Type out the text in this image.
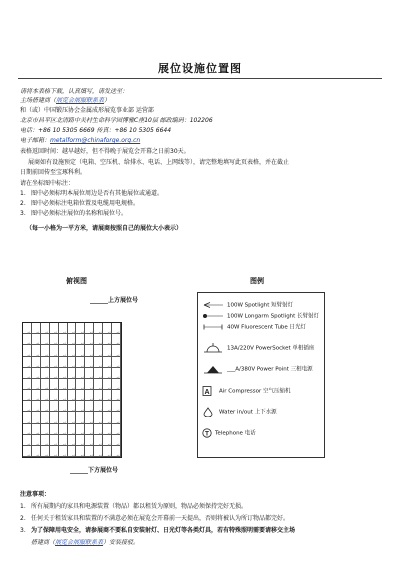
展位设施位置图
请将本表格下载，认真填写，请发送至：
主场搭建商（展览会展服联系表）
和（或）中国锻压协会金属成形展览事业部 运营部
北京市昌平区北清路中关村生命科学园博雅C座10层 邮政编码：102206
电话：+86 10 5305 6669 传真：+86 10 5305 6644
电子邮箱：metalform@chinaforge.org.cn
表格返回时间：越早越好，但不得晚于展览会开幕之日前30天。
展商如有设施预定（电箱、空压机、给排水、电话、上网线等），请完整地填写此页表格，并在截止
日期前回传至宝琢科利。
请在坐标图中标注：
1. 图中必须标明本展位周边是否有其他展位或通道。
2. 图中必须标注电箱位置及电缆用电规格。
3. 图中必须标注展位的名称和展位号。
（每一小格为一平方米，请展商按照自己的展位大小表示）
俯视图	图例
______上方展位号
↵
↵
↵
↵
↵
↵
↵
↵
↵
↵
↵
↵
↵
↵
↵
↵
↵
↵
↵
↵
↵
↵
↵
↵
↵
↵
↵
↵
↵
↵
↵
↵
↵
↵
↵
↵
↵
↵
↵
↵
↵
↵
↵
↵
↵
↵
↵
↵
↵
↵
↵
↵
↵
↵
↵
↵
↵
↵
↵
↵
↵
↵
↵
↵
↵
↵
↵
↵
↵
↵
↵
↵
↵
↵
↵
↵
↵
↵
↵
↵
↵
↵
↵
↵
↵
↵
↵
↵
↵
↵
↵
↵
↵
↵
↵
↵
↵
↵
↵
↵
↵
↵
↵
↵
↵
↵
↵
↵
↵
↵
↵
↵
↵
↵
↵
↵
↵
↵
↵
↵
↵
↵
↵
↵
↵
↵
↵
↵
↵
↵
↵
↵
______下方展位号
100W Spotlight 短臂射灯
100W Longarm Spotlight 长臂射灯
40W Fluorescent Tube 日光灯
13A/220V PowerSocket 单相插座
___A/380V Power Point 三相电源
A Air Compressor 空气压缩机
Water in/out 上下水源
T Telephone 电话
注意事项：
1. 所有展期内的家具和电源装置（物品）都以租赁为原则，物品必须保持完好无损。
2. 任何关于租赁家具和装置的不满意必须在展览会开幕前一天提出，否则将被认为所订物品都完好。
3. 为了保障用电安全，请参展商不要私自安装射灯、日光灯等各类灯具，若有特殊照明需要请移交主场
搭建商（展览会展服联系表）安装接驳。
